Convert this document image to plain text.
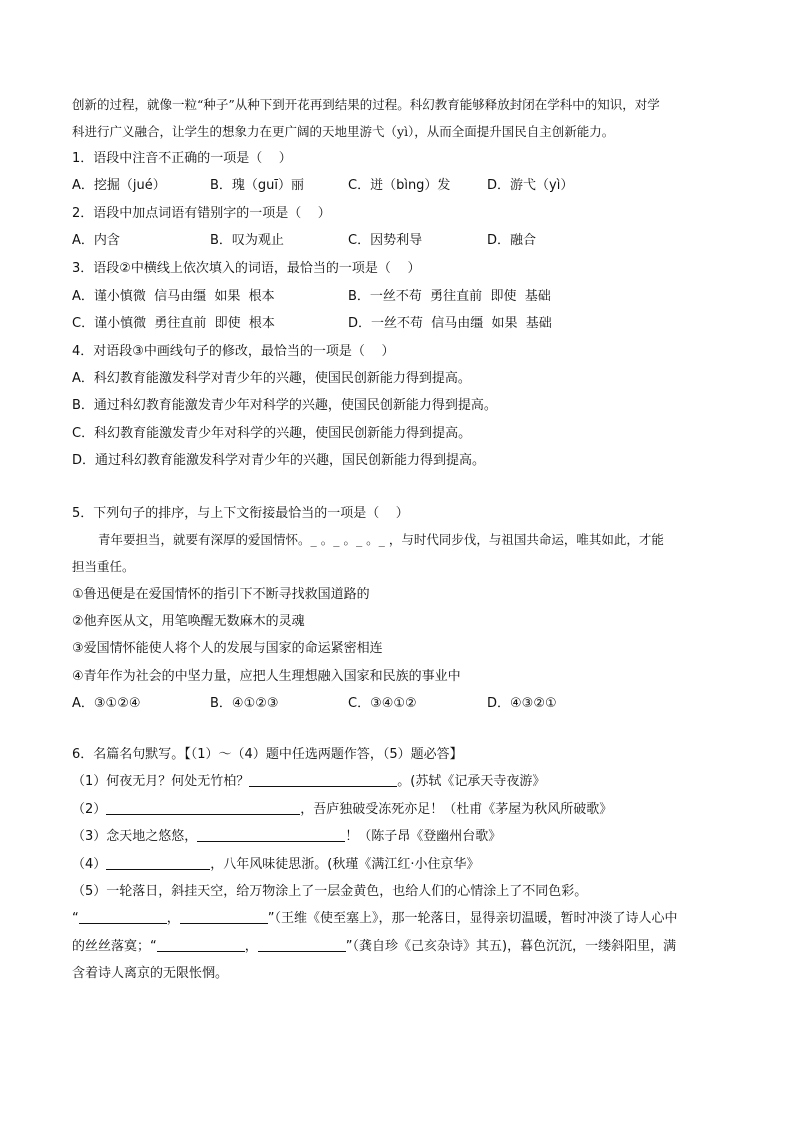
创新的过程，就像一粒“种子”从种下到开花再到结果的过程。科幻教育能够释放封闭在学科中的知识，对学
科进行广义融合，让学生的想象力在更广阔的天地里游弋（yì），从而全面提升国民自主创新能力。
1．语段中注音不正确的一项是（    ）
A．挖掘（jué）	B．瑰（guī）丽	C．迸（bìng）发	D．游弋（yì）
2．语段中加点词语有错别字的一项是（    ）
A．内含	B．叹为观止	C．因势利导	D．融合
3．语段②中横线上依次填入的词语，最恰当的一项是（    ）
A．谨小慎微  信马由缰  如果  根本	B．一丝不苟  勇往直前  即使  基础
C．谨小慎微  勇往直前  即使  根本	D．一丝不苟  信马由缰  如果  基础
4．对语段③中画线句子的修改，最恰当的一项是（    ）
A．科幻教育能激发科学对青少年的兴趣，使国民创新能力得到提高。
B．通过科幻教育能激发青少年对科学的兴趣，使国民创新能力得到提高。
C．科幻教育能激发青少年对科学的兴趣，使国民创新能力得到提高。
D．通过科幻教育能激发科学对青少年的兴趣，国民创新能力得到提高。
5．下列句子的排序，与上下文衔接最恰当的一项是（    ）
青年要担当，就要有深厚的爱国情怀。_ 。_ 。_ 。_ ，与时代同步伐，与祖国共命运，唯其如此，才能
担当重任。
①鲁迅便是在爱国情怀的指引下不断寻找救国道路的
②他弃医从文，用笔唤醒无数麻木的灵魂
③爱国情怀能使人将个人的发展与国家的命运紧密相连
④青年作为社会的中坚力量，应把人生理想融入国家和民族的事业中
A．③①②④	B．④①②③	C．③④①②	D．④③②①
6．名篇名句默写。【（1）～（4）题中任选两题作答，（5）题必答】
（1）何夜无月？何处无竹柏？	。(苏轼《记承天寺夜游》
（2）	，吾庐独破受冻死亦足！（杜甫《茅屋为秋风所破歌》
（3）念天地之悠悠，	！（陈子昂《登幽州台歌》
（4）	，八年风味徒思浙。(秋瑾《满江红·小住京华》
（5）一轮落日，斜挂天空，给万物涂上了一层金黄色，也给人们的心情涂上了不同色彩。
“	，	”（王维《使至塞上》，那一轮落日，显得亲切温暖，暂时冲淡了诗人心中
的丝丝落寞；“	，	”（龚自珍《己亥杂诗》其五)，暮色沉沉，一缕斜阳里，满
含着诗人离京的无限怅惘。
